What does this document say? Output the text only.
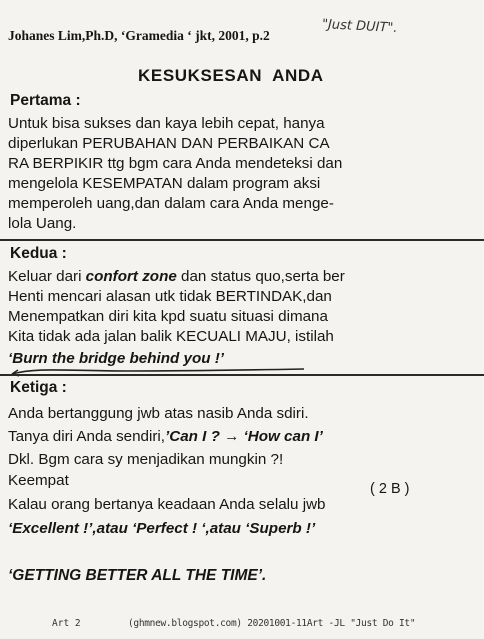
Johanes Lim,Ph.D, ‘Gramedia ‘ jkt, 2001, p.2	"Just DUIT".
KESUKSESAN  ANDA
Pertama :
Untuk bisa sukses dan kaya lebih cepat, hanya
diperlukan PERUBAHAN DAN PERBAIKAN CA
RA BERPIKIR ttg bgm cara Anda mendeteksi dan
mengelola KESEMPATAN dalam program aksi
memperoleh uang,dan dalam cara Anda menge-
lola Uang.
Kedua :
Keluar dari confort zone dan status quo,serta ber
Henti mencari alasan utk tidak BERTINDAK,dan
Menempatkan diri kita kpd suatu situasi dimana
Kita tidak ada jalan balik KECUALI MAJU, istilah
‘Burn the bridge behind you !’
Ketiga :
Anda bertanggung jwb atas nasib Anda sdiri.
Tanya diri Anda sendiri,’Can I ? → ‘How can I’
Dkl. Bgm cara sy menjadikan mungkin ?!
Keempat	( 2 B )
Kalau orang bertanya keadaan Anda selalu jwb
‘Excellent !’,atau ‘Perfect ! ‘,atau ‘Superb !’
‘GETTING BETTER ALL THE TIME’.
Art 2	(ghmnew.blogspot.com) 20201001-11Art -JL "Just Do It"
